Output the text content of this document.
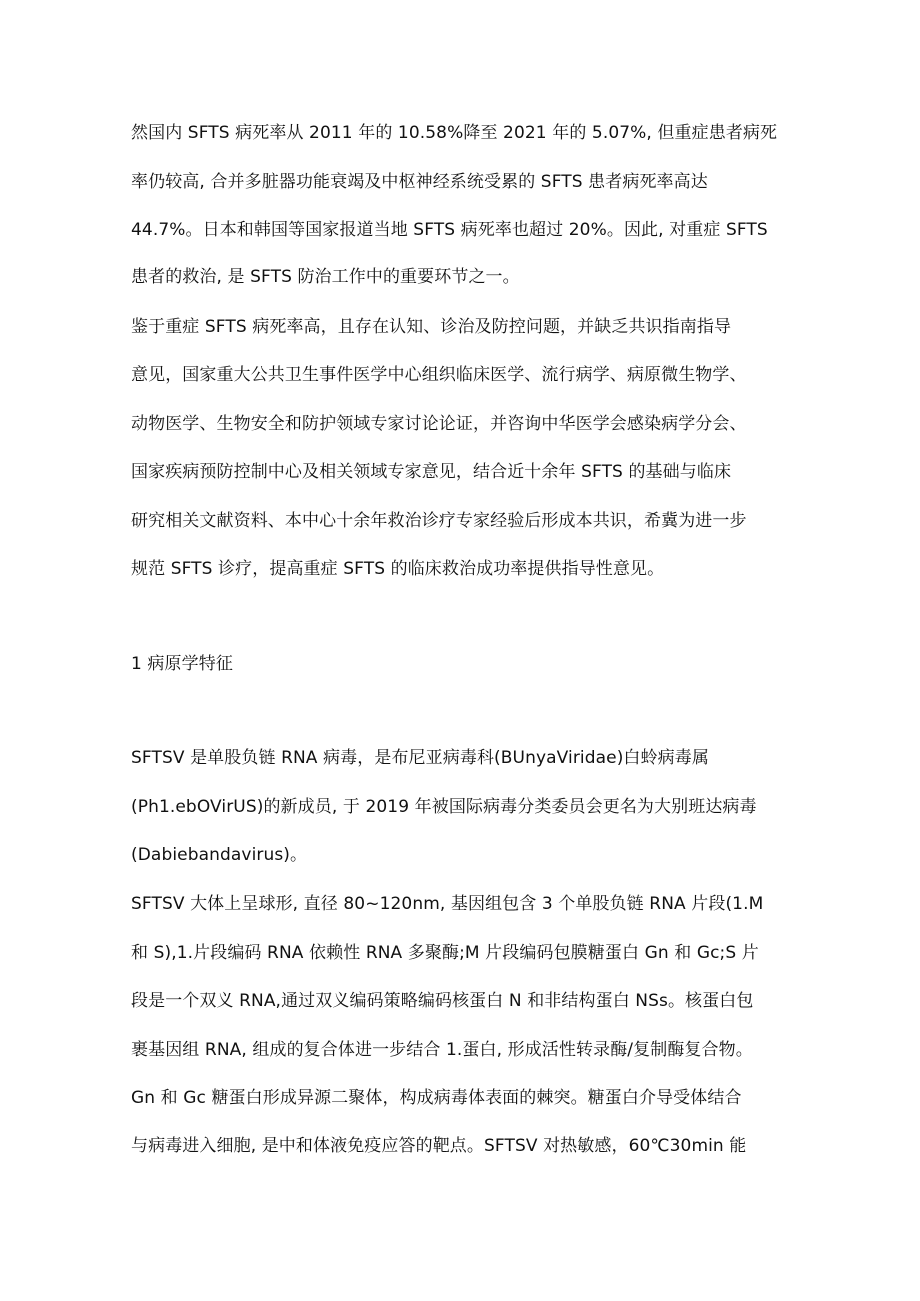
然国内 SFTS 病死率从 2011 年的 10.58%降至 2021 年的 5.07%, 但重症患者病死

率仍较高, 合并多脏器功能衰竭及中枢神经系统受累的 SFTS 患者病死率高达

44.7%。日本和韩国等国家报道当地 SFTS 病死率也超过 20%。因此, 对重症 SFTS

患者的救治, 是 SFTS 防治工作中的重要环节之一。

鉴于重症 SFTS 病死率高，且存在认知、诊治及防控问题，并缺乏共识指南指导

意见，国家重大公共卫生事件医学中心组织临床医学、流行病学、病原微生物学、

动物医学、生物安全和防护领域专家讨论论证，并咨询中华医学会感染病学分会、

国家疾病预防控制中心及相关领域专家意见，结合近十余年 SFTS 的基础与临床

研究相关文献资料、本中心十余年救治诊疗专家经验后形成本共识，希冀为进一步

规范 SFTS 诊疗，提高重症 SFTS 的临床救治成功率提供指导性意见。

1 病原学特征

SFTSV 是单股负链 RNA 病毒，是布尼亚病毒科(BUnyaViridae)白蛉病毒属

(Ph1.ebOVirUS)的新成员, 于 2019 年被国际病毒分类委员会更名为大别班达病毒

(Dabiebandavirus)。

SFTSV 大体上呈球形, 直径 80~120nm, 基因组包含 3 个单股负链 RNA 片段(1.M

和 S),1.片段编码 RNA 依赖性 RNA 多聚酶;M 片段编码包膜糖蛋白 Gn 和 Gc;S 片

段是一个双义 RNA,通过双义编码策略编码核蛋白 N 和非结构蛋白 NSs。核蛋白包

裹基因组 RNA, 组成的复合体进一步结合 1.蛋白, 形成活性转录酶/复制酶复合物。

Gn 和 Gc 糖蛋白形成异源二聚体，构成病毒体表面的棘突。糖蛋白介导受体结合

与病毒进入细胞, 是中和体液免疫应答的靶点。SFTSV 对热敏感，60℃30min 能
